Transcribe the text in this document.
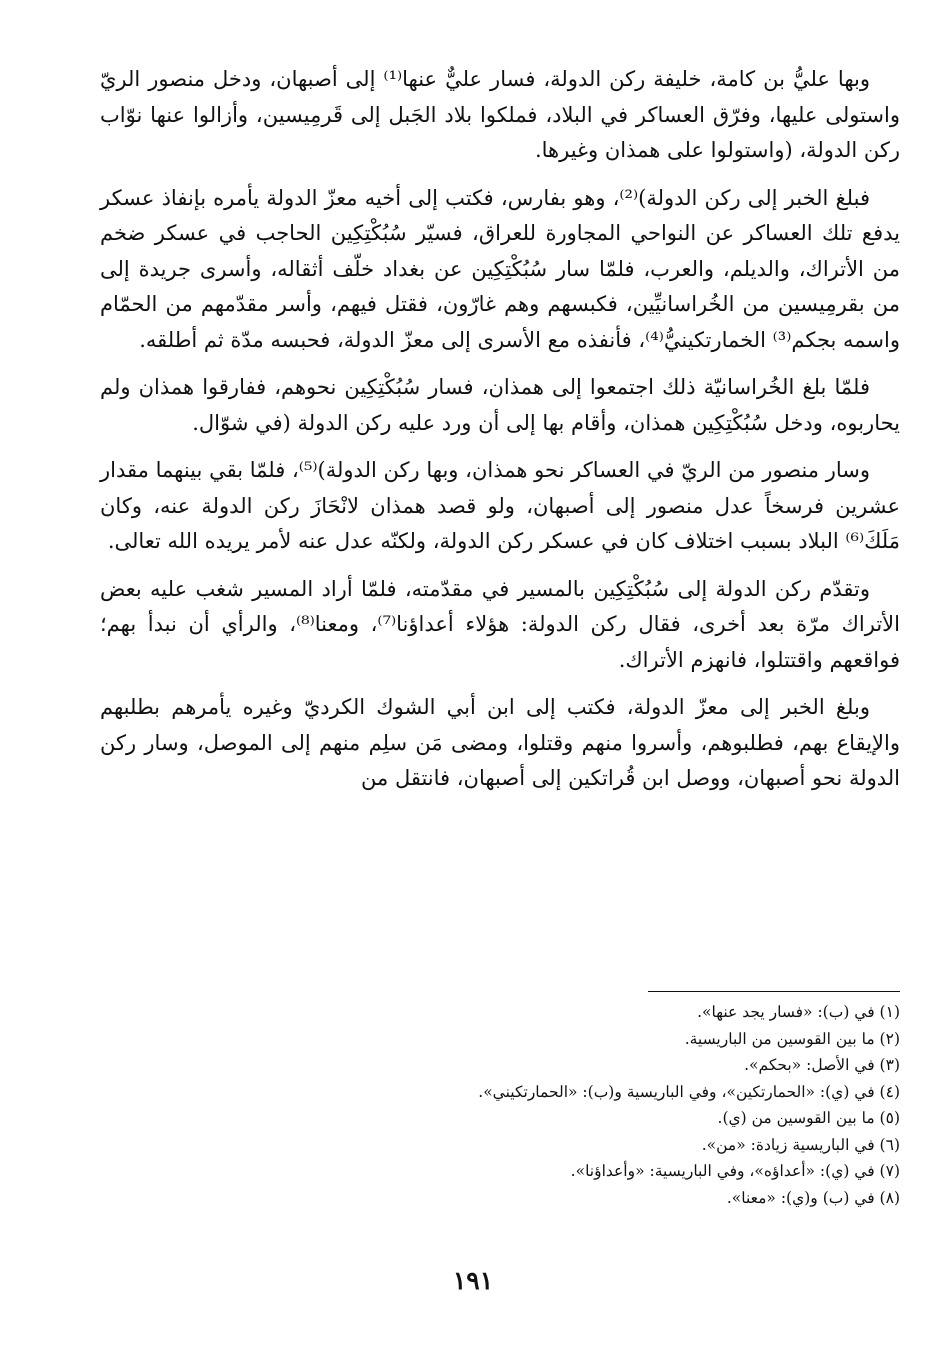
وبها عليُّ بن كامة، خليفة ركن الدولة، فسار عليٌّ عنها⁽¹⁾ إلى أصبهان، ودخل منصور الريّ واستولى عليها، وفرّق العساكر في البلاد، فملكوا بلاد الجَبل إلى قَرمِيسين، وأزالوا عنها نوّاب ركن الدولة، (واستولوا على همذان وغيرها.

فبلغ الخبر إلى ركن الدولة)⁽²⁾، وهو بفارس، فكتب إلى أخيه معزّ الدولة يأمره بإنفاذ عسكر يدفع تلك العساكر عن النواحي المجاورة للعراق، فسيّر سُبُكْتِكِين الحاجب في عسكر ضخم من الأتراك، والديلم، والعرب، فلمّا سار سُبُكْتِكِين عن بغداد خلّف أثقاله، وأسرى جريدة إلى من بقرمِيسين من الخُراسانيِّين، فكبسهم وهم غارّون، فقتل فيهم، وأسر مقدّمهم من الحمّام واسمه بجكم⁽³⁾ الخمارتكينيُّ⁽⁴⁾، فأنفذه مع الأسرى إلى معزّ الدولة، فحبسه مدّة ثم أطلقه.

فلمّا بلغ الخُراسانيّة ذلك اجتمعوا إلى همذان، فسار سُبُكْتِكِين نحوهم، ففارقوا همذان ولم يحاربوه، ودخل سُبُكْتِكِين همذان، وأقام بها إلى أن ورد عليه ركن الدولة (في شوّال.

وسار منصور من الريّ في العساكر نحو همذان، وبها ركن الدولة)⁽⁵⁾، فلمّا بقي بينهما مقدار عشرين فرسخاً عدل منصور إلى أصبهان، ولو قصد همذان لانْحَازَ ركن الدولة عنه، وكان مَلَكَ⁽⁶⁾ البلاد بسبب اختلاف كان في عسكر ركن الدولة، ولكنّه عدل عنه لأمر يريده الله تعالى.

وتقدّم ركن الدولة إلى سُبُكْتِكِين بالمسير في مقدّمته، فلمّا أراد المسير شغب عليه بعض الأتراك مرّة بعد أخرى، فقال ركن الدولة: هؤلاء أعداؤنا⁽⁷⁾، ومعنا⁽⁸⁾، والرأي أن نبدأ بهم؛ فواقعهم واقتتلوا، فانهزم الأتراك.

وبلغ الخبر إلى معزّ الدولة، فكتب إلى ابن أبي الشوك الكرديّ وغيره يأمرهم بطلبهم والإيقاع بهم، فطلبوهم، وأسروا منهم وقتلوا، ومضى مَن سلِم منهم إلى الموصل، وسار ركن الدولة نحو أصبهان، ووصل ابن قُراتكين إلى أصبهان، فانتقل من

(١) في (ب): «فسار يجد عنها».
(٢) ما بين القوسين من الباريسية.
(٣) في الأصل: «بحكم».
(٤) في (ي): «الحمارتكين»، وفي الباريسية و(ب): «الحمارتكيني».
(٥) ما بين القوسين من (ي).
(٦) في الباريسية زيادة: «من».
(٧) في (ي): «أعداؤه»، وفي الباريسية: «وأعداؤنا».
(٨) في (ب) و(ي): «معنا».
١٩١
